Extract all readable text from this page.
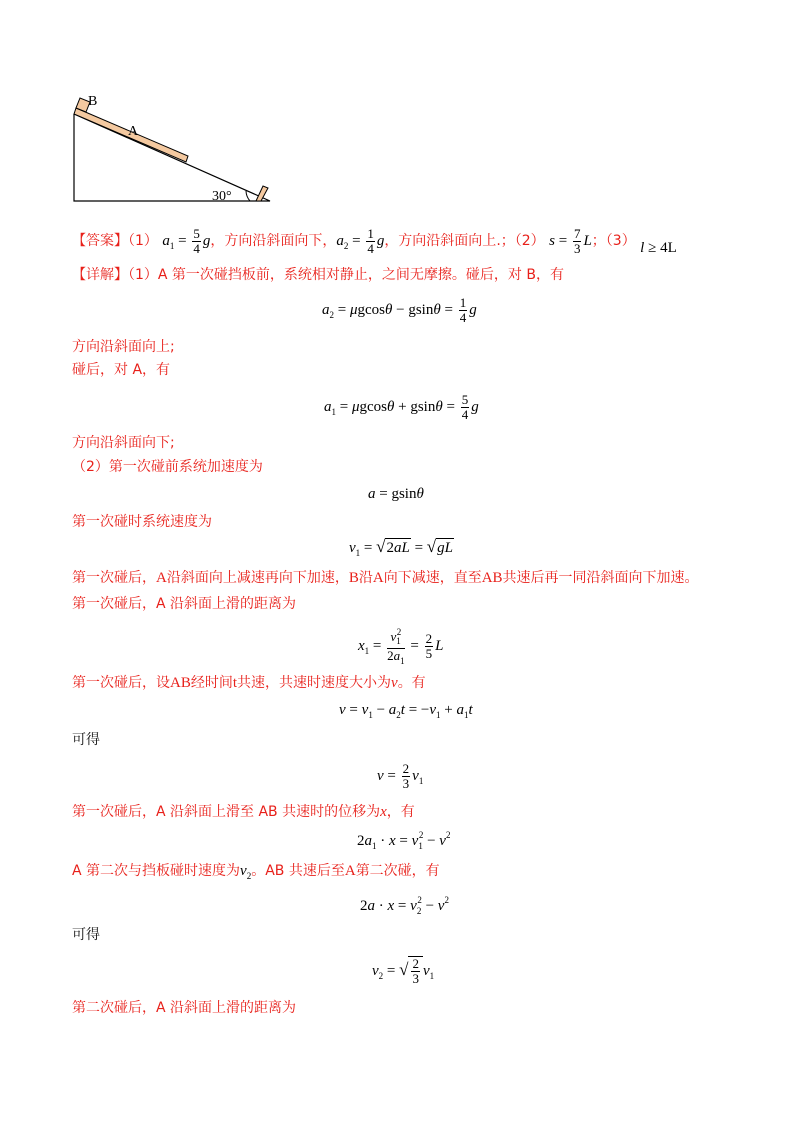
B
A
30°
【答案】（1） $a_1 = \frac{5}{4}$ g，方向沿斜面向下，$a_2 = \frac{1}{4}$ g，方向沿斜面向上.；（2） $s = \frac{7}{3}$ L；（3） l ≥ 4L
【详解】（1）A 第一次碰挡板前，系统相对静止，之间无摩擦。碰后，对 B，有
$a_2 = \mu gcos\theta - gsin\theta = \frac{1}{4}$ g
方向沿斜面向上;
碰后，对 A，有
$a_1 = \mu gcos\theta + gsin\theta = \frac{5}{4}$ g
方向沿斜面向下;
（2）第一次碰前系统加速度为
a = gsinθ
第一次碰时系统速度为
$v_1 = √2aL = √gL$
第一次碰后，A沿斜面向上减速再向下加速，B沿A向下减速，直至AB共速后再一同沿斜面向下加速。
第一次碰后，A 沿斜面上滑的距离为
$x_1 = \frac{v_1^2}{2a_1} = \frac{2}{5}$ L
第一次碰后，设AB经时间t共速，共速时速度大小为v。有
$v = v_1 - a_2t = -v_1 + a_1t$
可得
$v = \frac{2}{3} v_1$
第一次碰后，A 沿斜面上滑至 AB 共速时的位移为x，有
$2a_1 \cdot x = v_1^2 - v^2$
A 第二次与挡板碰时速度为$v_2$。AB 共速后至A第二次碰，有
$2a \cdot x = v_2^2 - v^2$
可得
$v_2$ = √ $\frac{2}{3} v_1$
第二次碰后，A 沿斜面上滑的距离为
